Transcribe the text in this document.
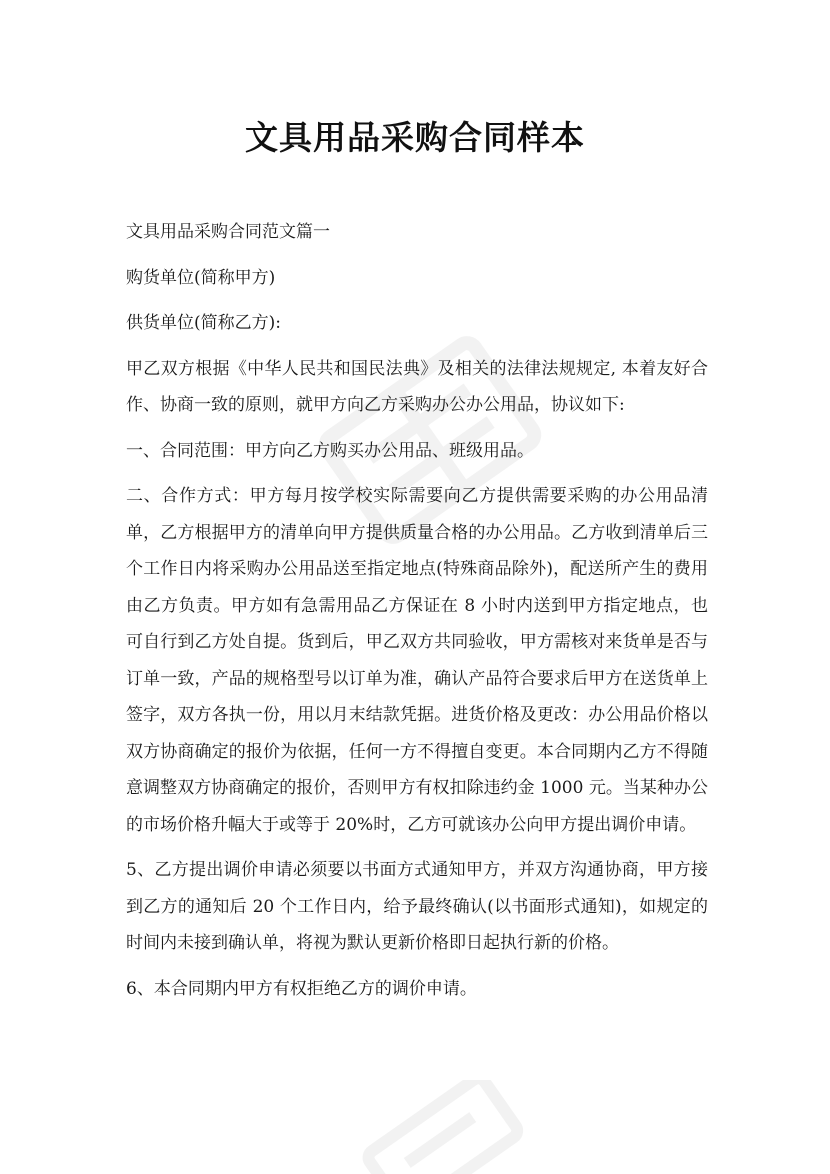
文具用品采购合同样本

文具用品采购合同范文篇一

购货单位(简称甲方)

供货单位(简称乙方):

甲乙双方根据《中华人民共和国民法典》及相关的法律法规规定, 本着友好合作、协商一致的原则，就甲方向乙方采购办公办公用品，协议如下:

一、合同范围：甲方向乙方购买办公用品、班级用品。

二、合作方式：甲方每月按学校实际需要向乙方提供需要采购的办公用品清单，乙方根据甲方的清单向甲方提供质量合格的办公用品。乙方收到清单后三个工作日内将采购办公用品送至指定地点(特殊商品除外)，配送所产生的费用由乙方负责。甲方如有急需用品乙方保证在 8 小时内送到甲方指定地点，也可自行到乙方处自提。货到后，甲乙双方共同验收，甲方需核对来货单是否与订单一致，产品的规格型号以订单为准，确认产品符合要求后甲方在送货单上签字，双方各执一份，用以月末结款凭据。进货价格及更改：办公用品价格以双方协商确定的报价为依据，任何一方不得擅自变更。本合同期内乙方不得随意调整双方协商确定的报价，否则甲方有权扣除违约金 1000 元。当某种办公的市场价格升幅大于或等于 20%时，乙方可就该办公向甲方提出调价申请。

5、乙方提出调价申请必须要以书面方式通知甲方，并双方沟通协商，甲方接到乙方的通知后 20 个工作日内，给予最终确认(以书面形式通知)，如规定的时间内未接到确认单，将视为默认更新价格即日起执行新的价格。

6、本合同期内甲方有权拒绝乙方的调价申请。
